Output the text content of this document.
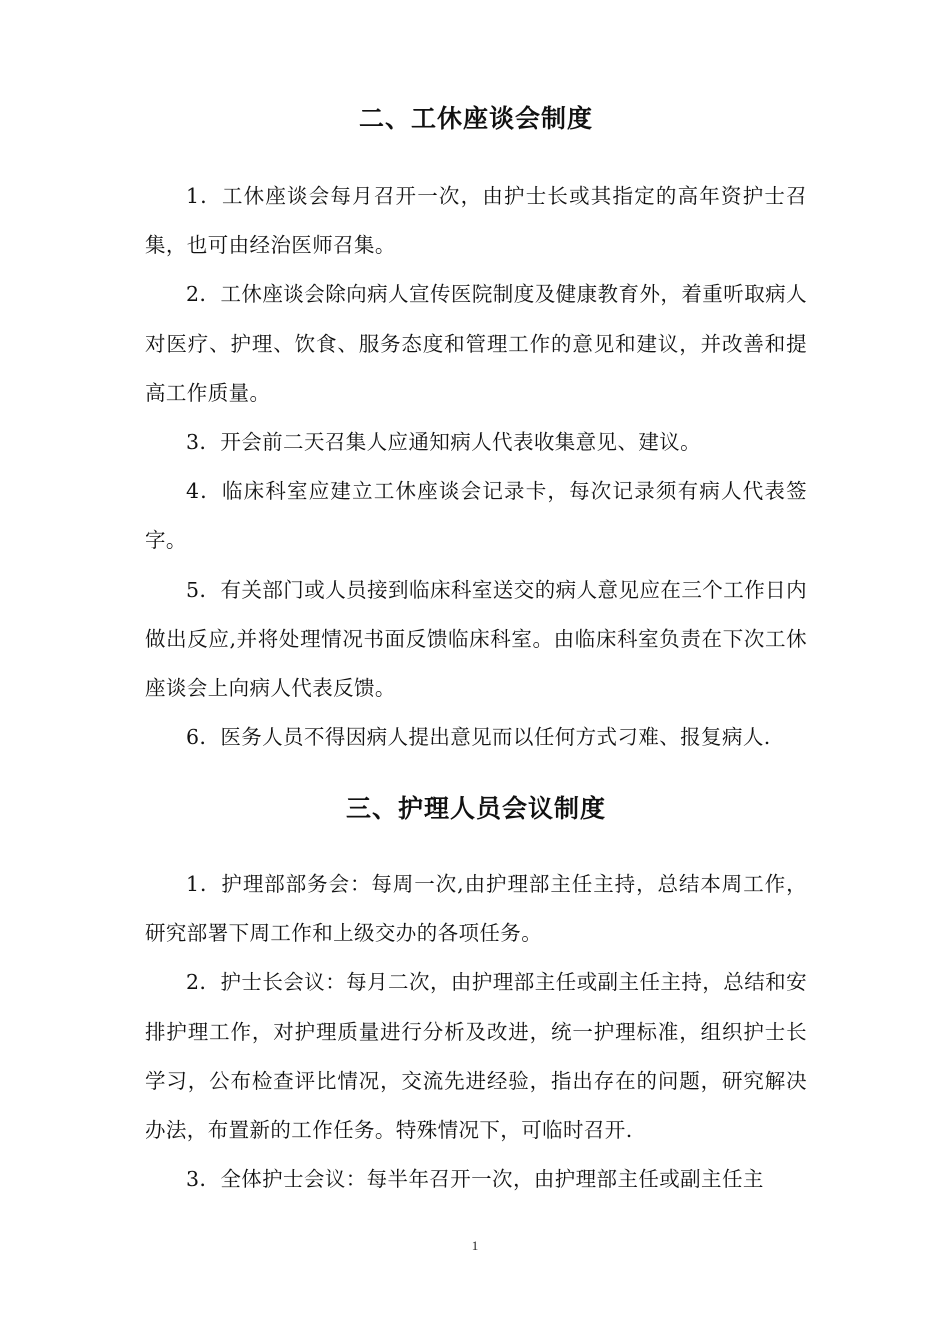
二、工休座谈会制度

1．工休座谈会每月召开一次，由护士长或其指定的高年资护士召集，也可由经治医师召集。

2．工休座谈会除向病人宣传医院制度及健康教育外，着重听取病人对医疗、护理、饮食、服务态度和管理工作的意见和建议，并改善和提高工作质量。

3．开会前二天召集人应通知病人代表收集意见、建议。

4．临床科室应建立工休座谈会记录卡，每次记录须有病人代表签字。

5．有关部门或人员接到临床科室送交的病人意见应在三个工作日内做出反应,并将处理情况书面反馈临床科室。由临床科室负责在下次工休座谈会上向病人代表反馈。

6．医务人员不得因病人提出意见而以任何方式刁难、报复病人.

三、护理人员会议制度

1．护理部部务会：每周一次,由护理部主任主持，总结本周工作，研究部署下周工作和上级交办的各项任务。

2．护士长会议：每月二次，由护理部主任或副主任主持，总结和安排护理工作，对护理质量进行分析及改进，统一护理标准，组织护士长学习，公布检查评比情况，交流先进经验，指出存在的问题，研究解决办法，布置新的工作任务。特殊情况下，可临时召开.

3．全体护士会议：每半年召开一次，由护理部主任或副主任主

1
